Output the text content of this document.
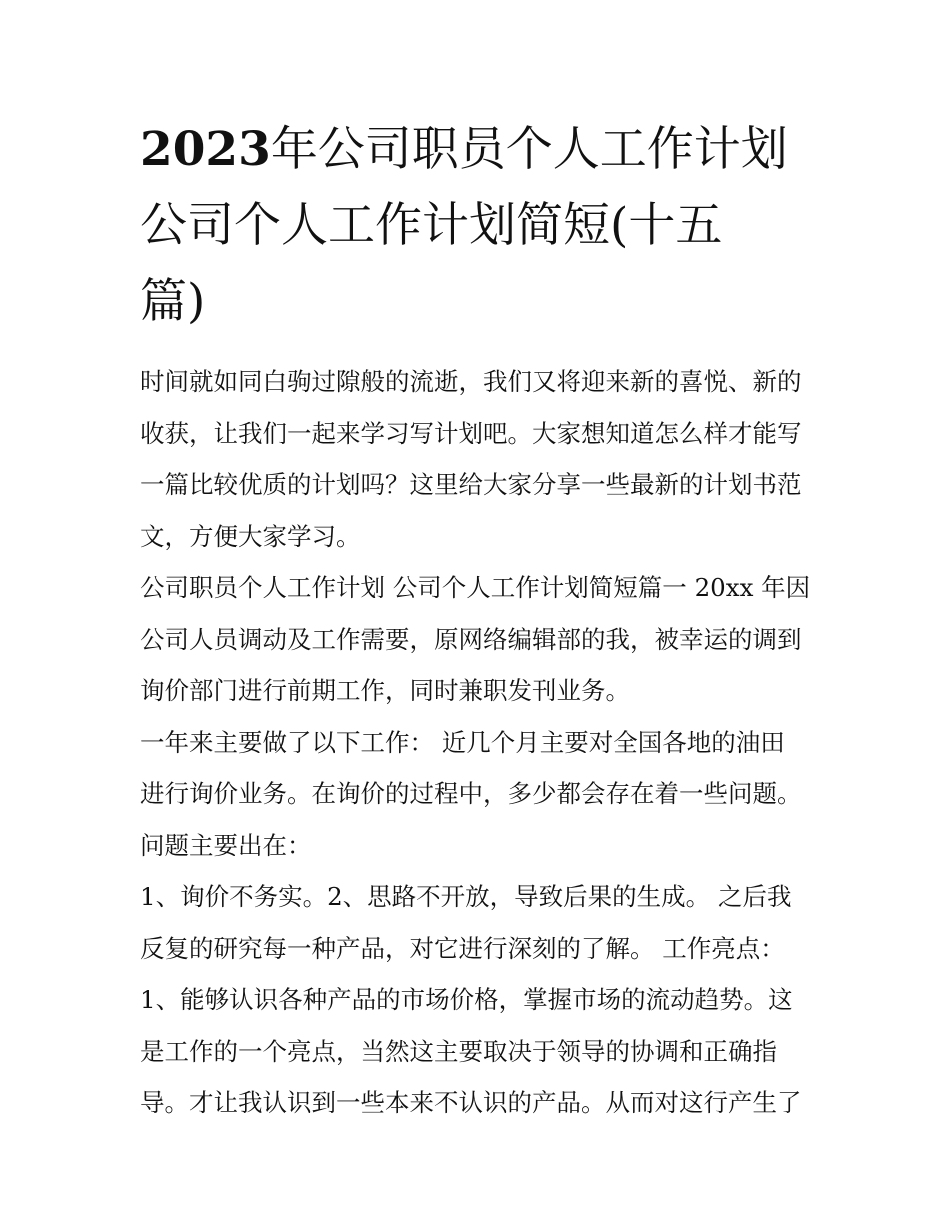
2023年公司职员个人工作计划
公司个人工作计划简短(十五
篇)
时间就如同白驹过隙般的流逝，我们又将迎来新的喜悦、新的
收获，让我们一起来学习写计划吧。大家想知道怎么样才能写
一篇比较优质的计划吗？这里给大家分享一些最新的计划书范
文，方便大家学习。
公司职员个人工作计划 公司个人工作计划简短篇一 20xx 年因
公司人员调动及工作需要，原网络编辑部的我，被幸运的调到
询价部门进行前期工作，同时兼职发刊业务。
一年来主要做了以下工作： 近几个月主要对全国各地的油田
进行询价业务。在询价的过程中，多少都会存在着一些问题。
问题主要出在：
1、询价不务实。2、思路不开放，导致后果的生成。 之后我
反复的研究每一种产品，对它进行深刻的了解。 工作亮点：
1、能够认识各种产品的市场价格，掌握市场的流动趋势。这
是工作的一个亮点，当然这主要取决于领导的协调和正确指
导。才让我认识到一些本来不认识的产品。从而对这行产生了
